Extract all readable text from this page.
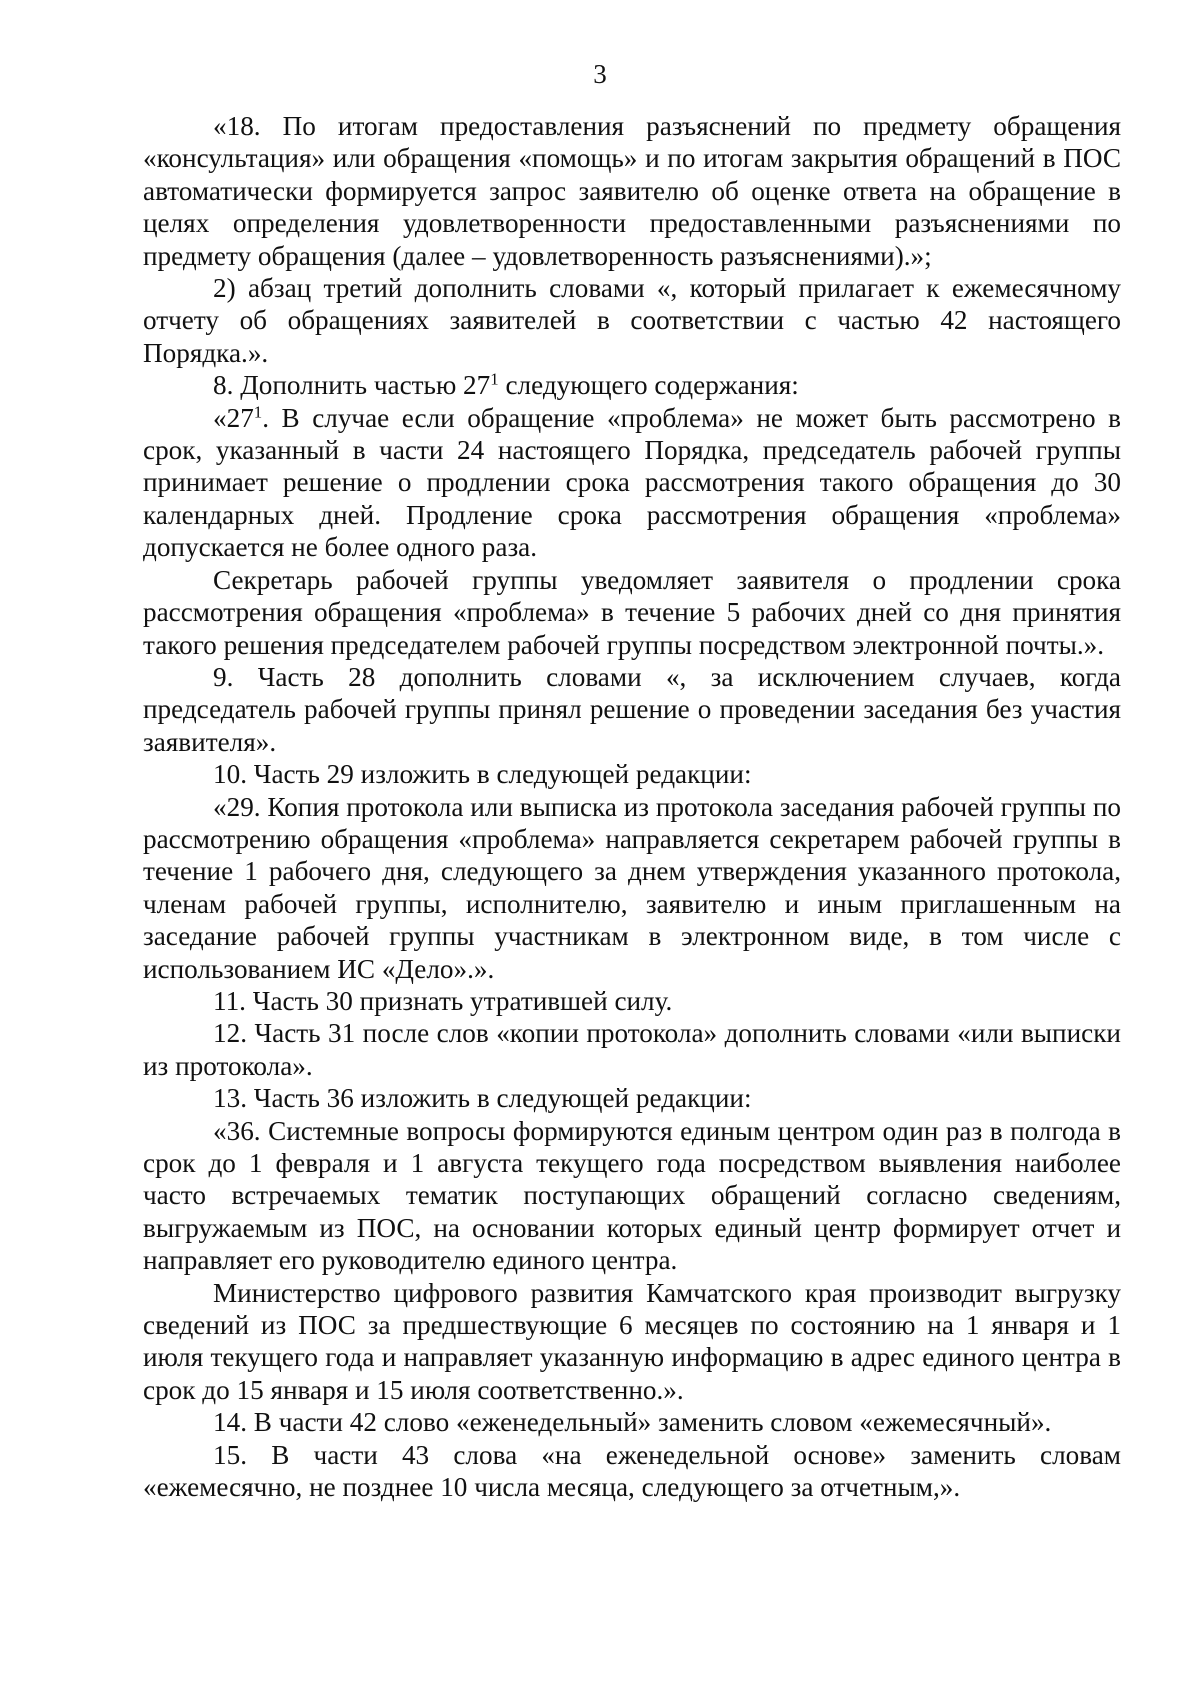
3

«18. По итогам предоставления разъяснений по предмету обращения «консультация» или обращения «помощь» и по итогам закрытия обращений в ПОС автоматически формируется запрос заявителю об оценке ответа на обращение в целях определения удовлетворенности предоставленными разъяснениями по предмету обращения (далее – удовлетворенность разъяснениями).»;

2) абзац третий дополнить словами «, который прилагает к ежемесячному отчету об обращениях заявителей в соответствии с частью 42 настоящего Порядка.».

8. Дополнить частью $27^1$ следующего содержания:

«$27^1$. В случае если обращение «проблема» не может быть рассмотрено в срок, указанный в части 24 настоящего Порядка, председатель рабочей группы принимает решение о продлении срока рассмотрения такого обращения до 30 календарных дней. Продление срока рассмотрения обращения «проблема» допускается не более одного раза.

Секретарь рабочей группы уведомляет заявителя о продлении срока рассмотрения обращения «проблема» в течение 5 рабочих дней со дня принятия такого решения председателем рабочей группы посредством электронной почты.».

9. Часть 28 дополнить словами «, за исключением случаев, когда председатель рабочей группы принял решение о проведении заседания без участия заявителя».

10. Часть 29 изложить в следующей редакции:

«29. Копия протокола или выписка из протокола заседания рабочей группы по рассмотрению обращения «проблема» направляется секретарем рабочей группы в течение 1 рабочего дня, следующего за днем утверждения указанного протокола, членам рабочей группы, исполнителю, заявителю и иным приглашенным на заседание рабочей группы участникам в электронном виде, в том числе с использованием ИС «Дело».».

11. Часть 30 признать утратившей силу.

12. Часть 31 после слов «копии протокола» дополнить словами «или выписки из протокола».

13. Часть 36 изложить в следующей редакции:

«36. Системные вопросы формируются единым центром один раз в полгода в срок до 1 февраля и 1 августа текущего года посредством выявления наиболее часто встречаемых тематик поступающих обращений согласно сведениям, выгружаемым из ПОС, на основании которых единый центр формирует отчет и направляет его руководителю единого центра.

Министерство цифрового развития Камчатского края производит выгрузку сведений из ПОС за предшествующие 6 месяцев по состоянию на 1 января и 1 июля текущего года и направляет указанную информацию в адрес единого центра в срок до 15 января и 15 июля соответственно.».

14. В части 42 слово «еженедельный» заменить словом «ежемесячный».

15. В части 43 слова «на еженедельной основе» заменить словам «ежемесячно, не позднее 10 числа месяца, следующего за отчетным,».
